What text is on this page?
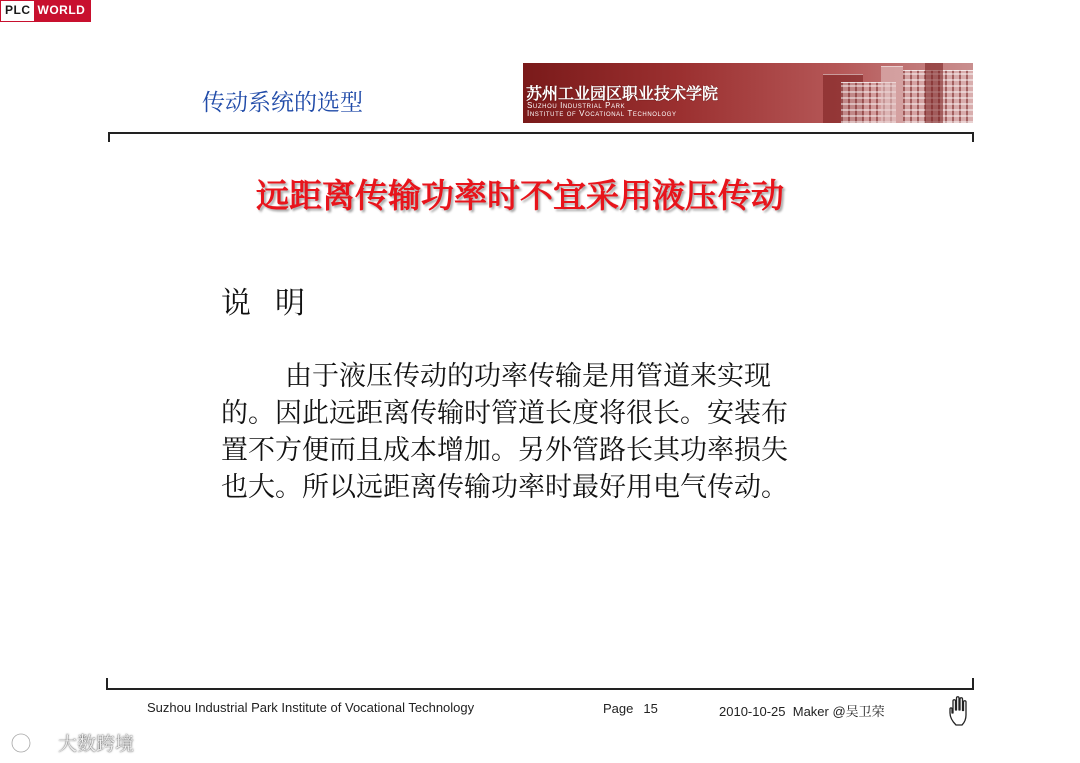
PLC WORLD
传动系统的选型	苏州工业园区职业技术学院
Suzhou Industrial Park
Institute of Vocational Technology
远距离传输功率时不宜采用液压传动
说明
由于液压传动的功率传输是用管道来实现
的。因此远距离传输时管道长度将很长。安装布
置不方便而且成本增加。另外管路长其功率损失
也大。所以远距离传输功率时最好用电气传动。
Suzhou Industrial Park Institute of Vocational Technology	Page 15	2010-10-25 Maker @吴卫荣
大数跨境
